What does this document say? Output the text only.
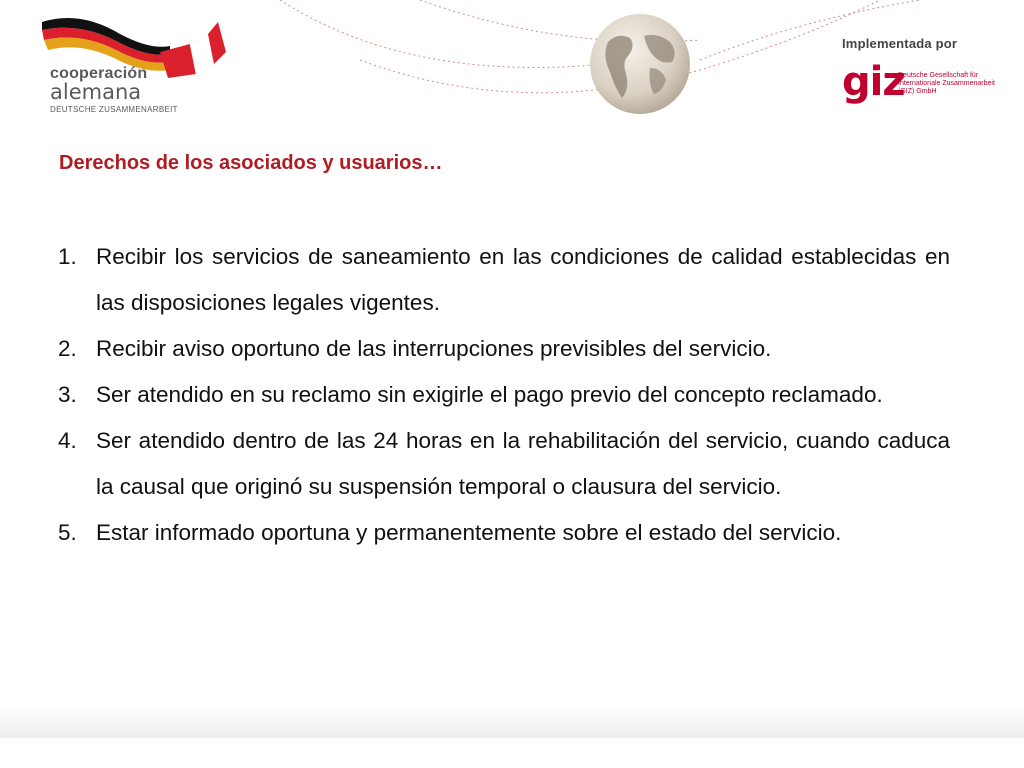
cooperación
alemana
DEUTSCHE ZUSAMMENARBEIT
Implementada por
giz
Deutsche Gesellschaft für Internationale Zusammenarbeit (GIZ) GmbH
Derechos de los asociados y usuarios…
1. Recibir los servicios de saneamiento en las condiciones de calidad establecidas en las disposiciones legales vigentes.
2. Recibir aviso oportuno de las interrupciones previsibles del servicio.
3. Ser atendido en su reclamo sin exigirle el pago previo del concepto reclamado.
4. Ser atendido dentro de las 24 horas en la rehabilitación del servicio, cuando caduca la causal que originó su suspensión temporal o clausura del servicio.
5. Estar informado oportuna y permanentemente sobre el estado del servicio.
